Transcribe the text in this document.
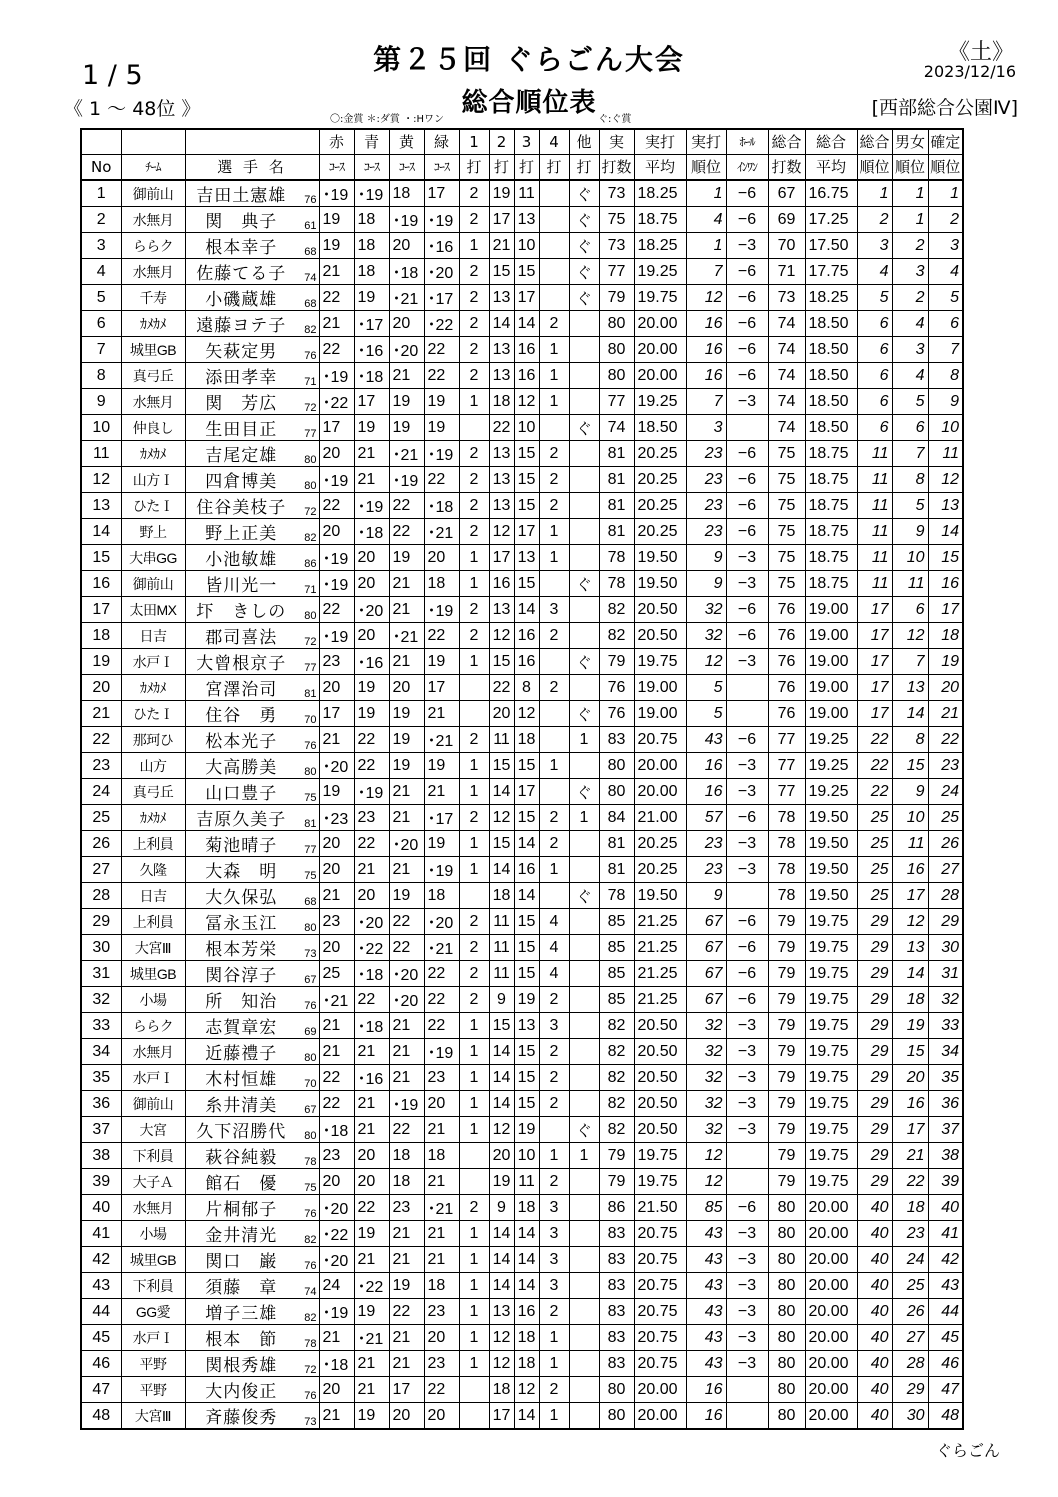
1 / 5
《 1 ～ 48位 》
第２５回 ぐらごん大会
総合順位表
〇:金賞 ＊:ダ賞 ・:Hワン	ぐ:ぐ賞
《土》
2023/12/16
[西部総合公園Ⅳ]
				赤	青	黄	緑	1	2	3	4	他	実	実打	実打	ﾎｰﾙ	総合	総合	総合	男女	確定
No	ﾁｰﾑ	選 手 名		ｺｰｽ	ｺｰｽ	ｺｰｽ	ｺｰｽ	打	打	打	打	打	打数	平均	順位	ｲﾝﾜﾝ	打数	平均	順位	順位	順位
1	御前山	吉田土憲雄	76	･19	･19	18	17	2	19	11		ぐ	73	18.25	1	−6	67	16.75	1	1	1
2	水無月	関　典子	61	19	18	･19	･19	2	17	13		ぐ	75	18.75	4	−6	69	17.25	2	1	2
3	ららク	根本幸子	68	19	18	20	･16	1	21	10		ぐ	73	18.25	1	−3	70	17.50	3	2	3
4	水無月	佐藤てる子	74	21	18	･18	･20	2	15	15		ぐ	77	19.25	7	−6	71	17.75	4	3	4
5	千寿	小磯蔵雄	68	22	19	･21	･17	2	13	17		ぐ	79	19.75	12	−6	73	18.25	5	2	5
6	ｶﾒｶﾒ	遠藤ヨテ子	82	21	･17	20	･22	2	14	14	2		80	20.00	16	−6	74	18.50	6	4	6
7	城里GB	矢萩定男	76	22	･16	･20	22	2	13	16	1		80	20.00	16	−6	74	18.50	6	3	7
8	真弓丘	添田孝幸	71	･19	･18	21	22	2	13	16	1		80	20.00	16	−6	74	18.50	6	4	8
9	水無月	関　芳広	72	･22	17	19	19	1	18	12	1		77	19.25	7	−3	74	18.50	6	5	9
10	仲良し	生田目正	77	17	19	19	19		22	10		ぐ	74	18.50	3		74	18.50	6	6	10
11	ｶﾒｶﾒ	吉尾定雄	80	20	21	･21	･19	2	13	15	2		81	20.25	23	−6	75	18.75	11	7	11
12	山方Ｉ	四倉博美	80	･19	21	･19	22	2	13	15	2		81	20.25	23	−6	75	18.75	11	8	12
13	ひたＩ	住谷美枝子	72	22	･19	22	･18	2	13	15	2		81	20.25	23	−6	75	18.75	11	5	13
14	野上	野上正美	82	20	･18	22	･21	2	12	17	1		81	20.25	23	−6	75	18.75	11	9	14
15	大串GG	小池敏雄	86	･19	20	19	20	1	17	13	1		78	19.50	9	−3	75	18.75	11	10	15
16	御前山	皆川光一	71	･19	20	21	18	1	16	15		ぐ	78	19.50	9	−3	75	18.75	11	11	16
17	太田MX	圷　きしの	80	22	･20	21	･19	2	13	14	3		82	20.50	32	−6	76	19.00	17	6	17
18	日吉	郡司喜法	72	･19	20	･21	22	2	12	16	2		82	20.50	32	−6	76	19.00	17	12	18
19	水戸Ｉ	大曾根京子	77	23	･16	21	19	1	15	16		ぐ	79	19.75	12	−3	76	19.00	17	7	19
20	ｶﾒｶﾒ	宮澤治司	81	20	19	20	17		22	8	2		76	19.00	5		76	19.00	17	13	20
21	ひたＩ	住谷　勇	70	17	19	19	21		20	12		ぐ	76	19.00	5		76	19.00	17	14	21
22	那珂ひ	松本光子	76	21	22	19	･21	2	11	18		1	83	20.75	43	−6	77	19.25	22	8	22
23	山方	大高勝美	80	･20	22	19	19	1	15	15	1		80	20.00	16	−3	77	19.25	22	15	23
24	真弓丘	山口豊子	75	19	･19	21	21	1	14	17		ぐ	80	20.00	16	−3	77	19.25	22	9	24
25	ｶﾒｶﾒ	吉原久美子	81	･23	23	21	･17	2	12	15	2	1	84	21.00	57	−6	78	19.50	25	10	25
26	上利員	菊池晴子	77	20	22	･20	19	1	15	14	2		81	20.25	23	−3	78	19.50	25	11	26
27	久隆	大森　明	75	20	21	21	･19	1	14	16	1		81	20.25	23	−3	78	19.50	25	16	27
28	日吉	大久保弘	68	21	20	19	18		18	14		ぐ	78	19.50	9		78	19.50	25	17	28
29	上利員	冨永玉江	80	23	･20	22	･20	2	11	15	4		85	21.25	67	−6	79	19.75	29	12	29
30	大宮Ⅲ	根本芳栄	73	20	･22	22	･21	2	11	15	4		85	21.25	67	−6	79	19.75	29	13	30
31	城里GB	関谷淳子	67	25	･18	･20	22	2	11	15	4		85	21.25	67	−6	79	19.75	29	14	31
32	小場	所　知治	76	･21	22	･20	22	2	9	19	2		85	21.25	67	−6	79	19.75	29	18	32
33	ららク	志賀章宏	69	21	･18	21	22	1	15	13	3		82	20.50	32	−3	79	19.75	29	19	33
34	水無月	近藤禮子	80	21	21	21	･19	1	14	15	2		82	20.50	32	−3	79	19.75	29	15	34
35	水戸Ｉ	木村恒雄	70	22	･16	21	23	1	14	15	2		82	20.50	32	−3	79	19.75	29	20	35
36	御前山	糸井清美	67	22	21	･19	20	1	14	15	2		82	20.50	32	−3	79	19.75	29	16	36
37	大宮	久下沼勝代	80	･18	21	22	21	1	12	19		ぐ	82	20.50	32	−3	79	19.75	29	17	37
38	下利員	萩谷純毅	78	23	20	18	18		20	10	1	1	79	19.75	12		79	19.75	29	21	38
39	大子Ａ	館石　優	75	20	20	18	21		19	11	2		79	19.75	12		79	19.75	29	22	39
40	水無月	片桐郁子	76	･20	22	23	･21	2	9	18	3		86	21.50	85	−6	80	20.00	40	18	40
41	小場	金井清光	82	･22	19	21	21	1	14	14	3		83	20.75	43	−3	80	20.00	40	23	41
42	城里GB	関口　巌	76	･20	21	21	21	1	14	14	3		83	20.75	43	−3	80	20.00	40	24	42
43	下利員	須藤　章	74	24	･22	19	18	1	14	14	3		83	20.75	43	−3	80	20.00	40	25	43
44	GG愛	増子三雄	82	･19	19	22	23	1	13	16	2		83	20.75	43	−3	80	20.00	40	26	44
45	水戸Ｉ	根本　節	78	21	･21	21	20	1	12	18	1		83	20.75	43	−3	80	20.00	40	27	45
46	平野	関根秀雄	72	･18	21	21	23	1	12	18	1		83	20.75	43	−3	80	20.00	40	28	46
47	平野	大内俊正	76	20	21	17	22		18	12	2		80	20.00	16		80	20.00	40	29	47
48	大宮Ⅲ	斉藤俊秀	73	21	19	20	20		17	14	1		80	20.00	16		80	20.00	40	30	48
ぐらごん
